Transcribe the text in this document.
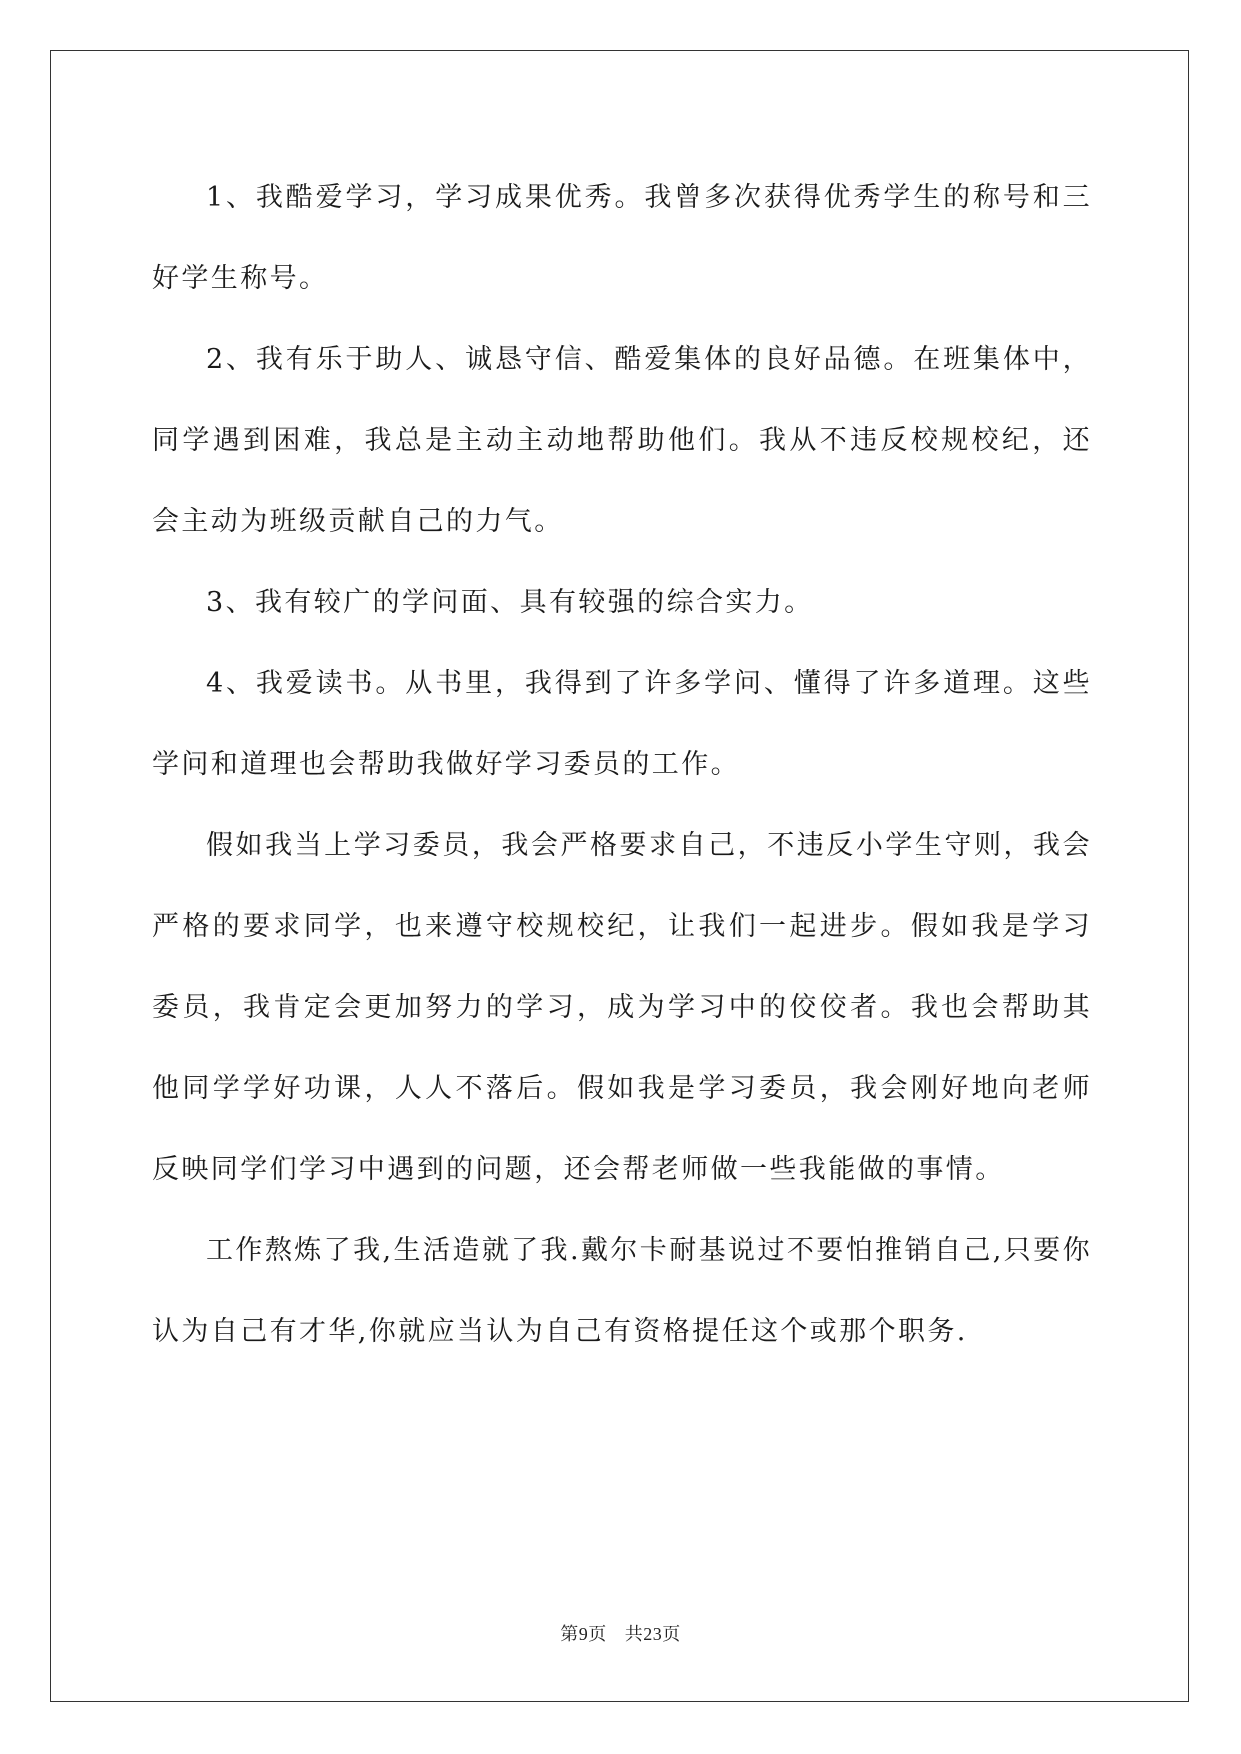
1、我酷爱学习，学习成果优秀。我曾多次获得优秀学生的称号和三好学生称号。

2、我有乐于助人、诚恳守信、酷爱集体的良好品德。在班集体中，同学遇到困难，我总是主动主动地帮助他们。我从不违反校规校纪，还会主动为班级贡献自己的力气。

3、我有较广的学问面、具有较强的综合实力。

4、我爱读书。从书里，我得到了许多学问、懂得了许多道理。这些学问和道理也会帮助我做好学习委员的工作。

假如我当上学习委员，我会严格要求自己，不违反小学生守则，我会严格的要求同学，也来遵守校规校纪，让我们一起进步。假如我是学习委员，我肯定会更加努力的学习，成为学习中的佼佼者。我也会帮助其他同学学好功课，人人不落后。假如我是学习委员，我会刚好地向老师反映同学们学习中遇到的问题，还会帮老师做一些我能做的事情。

工作熬炼了我,生活造就了我.戴尔卡耐基说过不要怕推销自己,只要你认为自己有才华,你就应当认为自己有资格提任这个或那个职务.

第9页 共23页
